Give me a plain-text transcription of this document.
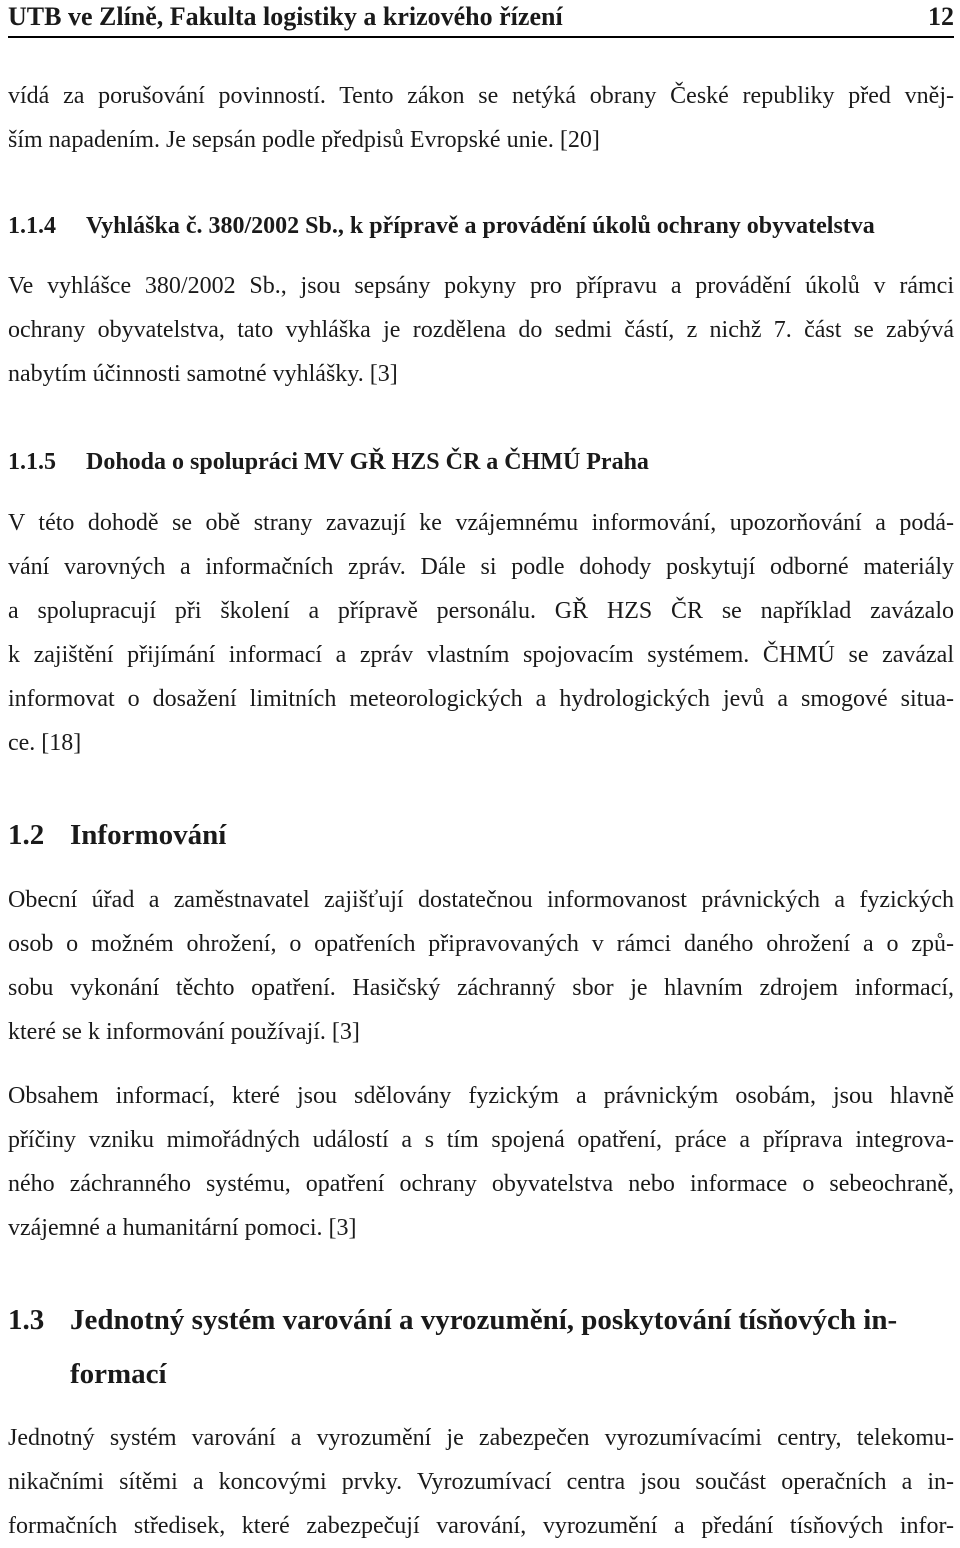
UTB ve Zlíně, Fakulta logistiky a krizového řízení	12
vídá za porušování povinností. Tento zákon se netýká obrany České republiky před vněj-
ším napadením. Je sepsán podle předpisů Evropské unie. [20]
1.1.4 Vyhláška č. 380/2002 Sb., k přípravě a provádění úkolů ochrany obyvatelstva
Ve vyhlášce 380/2002 Sb., jsou sepsány pokyny pro přípravu a provádění úkolů v rámci
ochrany obyvatelstva, tato vyhláška je rozdělena do sedmi částí, z nichž 7. část se zabývá
nabytím účinnosti samotné vyhlášky. [3]
1.1.5 Dohoda o spolupráci MV GŘ HZS ČR a ČHMÚ Praha
V této dohodě se obě strany zavazují ke vzájemnému informování, upozorňování a podá-
vání varovných a informačních zpráv. Dále si podle dohody poskytují odborné materiály
a spolupracují při školení a přípravě personálu. GŘ HZS ČR se například zavázalo
k zajištění přijímání informací a zpráv vlastním spojovacím systémem. ČHMÚ se zavázal
informovat o dosažení limitních meteorologických a hydrologických jevů a smogové situa-
ce. [18]
1.2 Informování
Obecní úřad a zaměstnavatel zajišťují dostatečnou informovanost právnických a fyzických
osob o možném ohrožení, o opatřeních připravovaných v rámci daného ohrožení a o způ-
sobu vykonání těchto opatření. Hasičský záchranný sbor je hlavním zdrojem informací,
které se k informování používají. [3]
Obsahem informací, které jsou sdělovány fyzickým a právnickým osobám, jsou hlavně
příčiny vzniku mimořádných událostí a s tím spojená opatření, práce a příprava integrova-
ného záchranného systému, opatření ochrany obyvatelstva nebo informace o sebeochraně,
vzájemné a humanitární pomoci. [3]
1.3 Jednotný systém varování a vyrozumění, poskytování tísňových in-
formací
Jednotný systém varování a vyrozumění je zabezpečen vyrozumívacími centry, telekomu-
nikačními sítěmi a koncovými prvky. Vyrozumívací centra jsou součást operačních a in-
formačních středisek, které zabezpečují varování, vyrozumění a předání tísňových infor-
